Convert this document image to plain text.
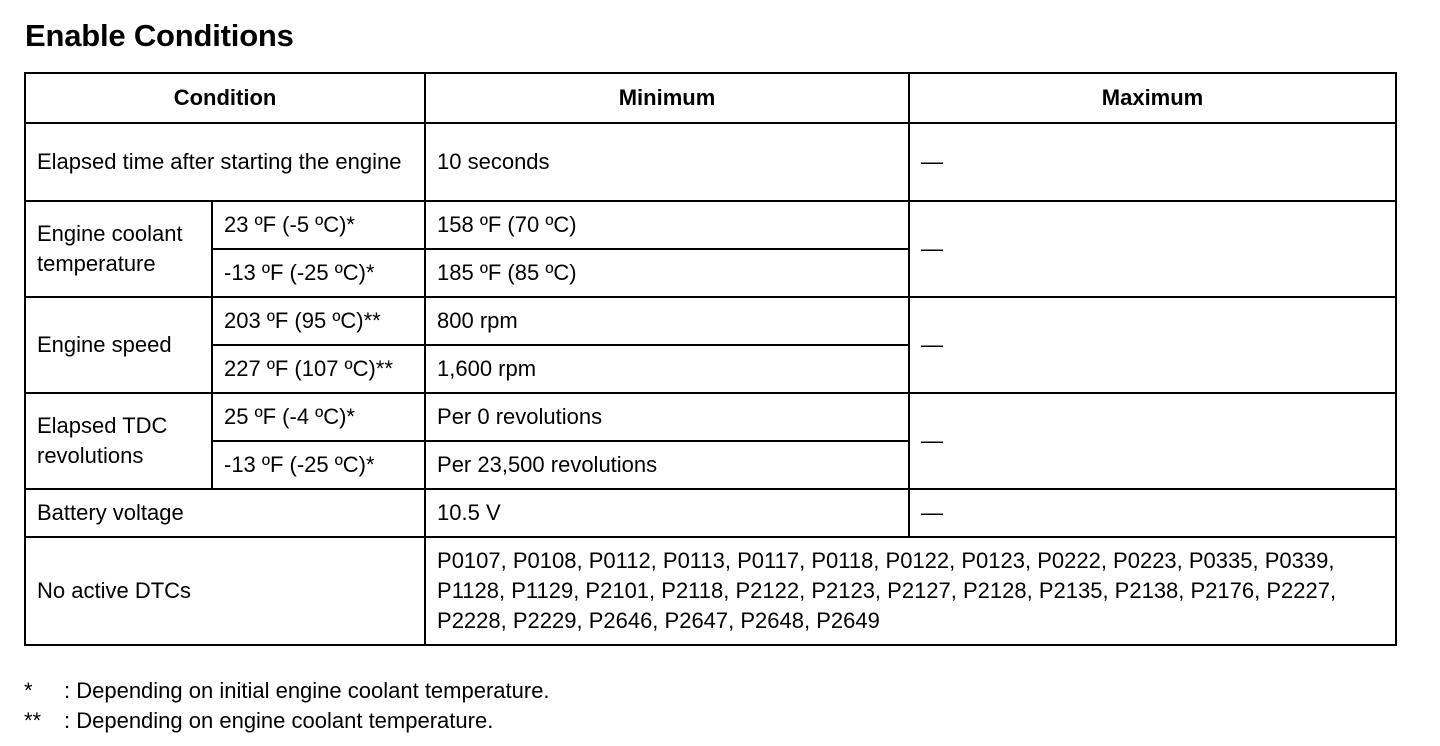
Enable Conditions
Condition		Minimum	Maximum
Elapsed time after starting the engine		10 seconds	—
Engine coolant temperature	23 ºF (-5 ºC)*	158 ºF (70 ºC)	—
	-13 ºF (-25 ºC)*	185 ºF (85 ºC)	
Engine speed	203 ºF (95 ºC)**	800 rpm	—
	227 ºF (107 ºC)**	1,600 rpm	
Elapsed TDC revolutions	25 ºF (-4 ºC)*	Per 0 revolutions	—
	-13 ºF (-25 ºC)*	Per 23,500 revolutions	
Battery voltage		10.5 V	—
No active DTCs		P0107, P0108, P0112, P0113, P0117, P0118, P0122, P0123, P0222, P0223, P0335, P0339, P1128, P1129, P2101, P2118, P2122, P2123, P2127, P2128, P2135, P2138, P2176, P2227, P2228, P2229, P2646, P2647, P2648, P2649	
*	: Depending on initial engine coolant temperature.
**	: Depending on engine coolant temperature.
